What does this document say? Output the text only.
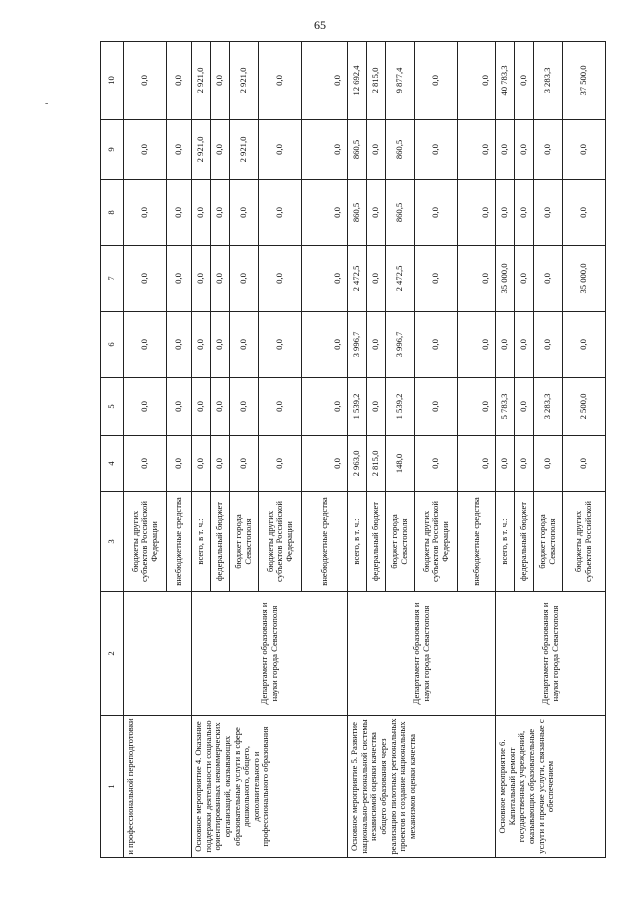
65
-
1	2	3	4	5	6	7	8	9	10
и профессиональной переподготовки		бюджеты других субъектов Российской Федерации	0,0	0,0	0,0	0,0	0,0	0,0	0,0
		внебюджетные средства	0,0	0,0	0,0	0,0	0,0	0,0	0,0
Основное мероприятие 4. Оказание поддержки деятельности социально ориентированных некоммерческих организаций, оказывающих образовательные услуги в сфере дошкольного, общего, дополнительного и профессионального образования	Департамент образования и науки города Севастополя	всего, в т. ч.:	0,0	0,0	0,0	0,0	0,0	2 921,0	2 921,0
		федеральный бюджет	0,0	0,0	0,0	0,0	0,0	0,0	0,0
		бюджет города Севастополя	0,0	0,0	0,0	0,0	0,0	2 921,0	2 921,0
		бюджеты других субъектов Российской Федерации	0,0	0,0	0,0	0,0	0,0	0,0	0,0
		внебюджетные средства	0,0	0,0	0,0	0,0	0,0	0,0	0,0
Основное мероприятие 5. Развитие национально-региональной системы независимой оценки качества общего образования через реализацию пилотных региональных проектов и создание национальных механизмов оценки качества	Департамент образования и науки города Севастополя	всего, в т. ч.:	2 963,0	1 539,2	3 996,7	2 472,5	860,5	860,5	12 692,4
		федеральный бюджет	2 815,0	0,0	0,0	0,0	0,0	0,0	2 815,0
		бюджет города Севастополя	148,0	1 539,2	3 996,7	2 472,5	860,5	860,5	9 877,4
		бюджеты других субъектов Российской Федерации	0,0	0,0	0,0	0,0	0,0	0,0	0,0
		внебюджетные средства	0,0	0,0	0,0	0,0	0,0	0,0	0,0
Основное мероприятие 6. Капитальный ремонт государственных учреждений, оказывающих образовательные услуги и прочие услуги, связанные с обеспечением	Департамент образования и науки города Севастополя	всего, в т. ч.:	0,0	5 783,3	0,0	35 000,0	0,0	0,0	40 783,3
		федеральный бюджет	0,0	0,0	0,0	0,0	0,0	0,0	0,0
		бюджет города Севастополя	0,0	3 283,3	0,0	0,0	0,0	0,0	3 283,3
		бюджеты других субъектов Российской	0,0	2 500,0	0,0	35 000,0	0,0	0,0	37 500,0
